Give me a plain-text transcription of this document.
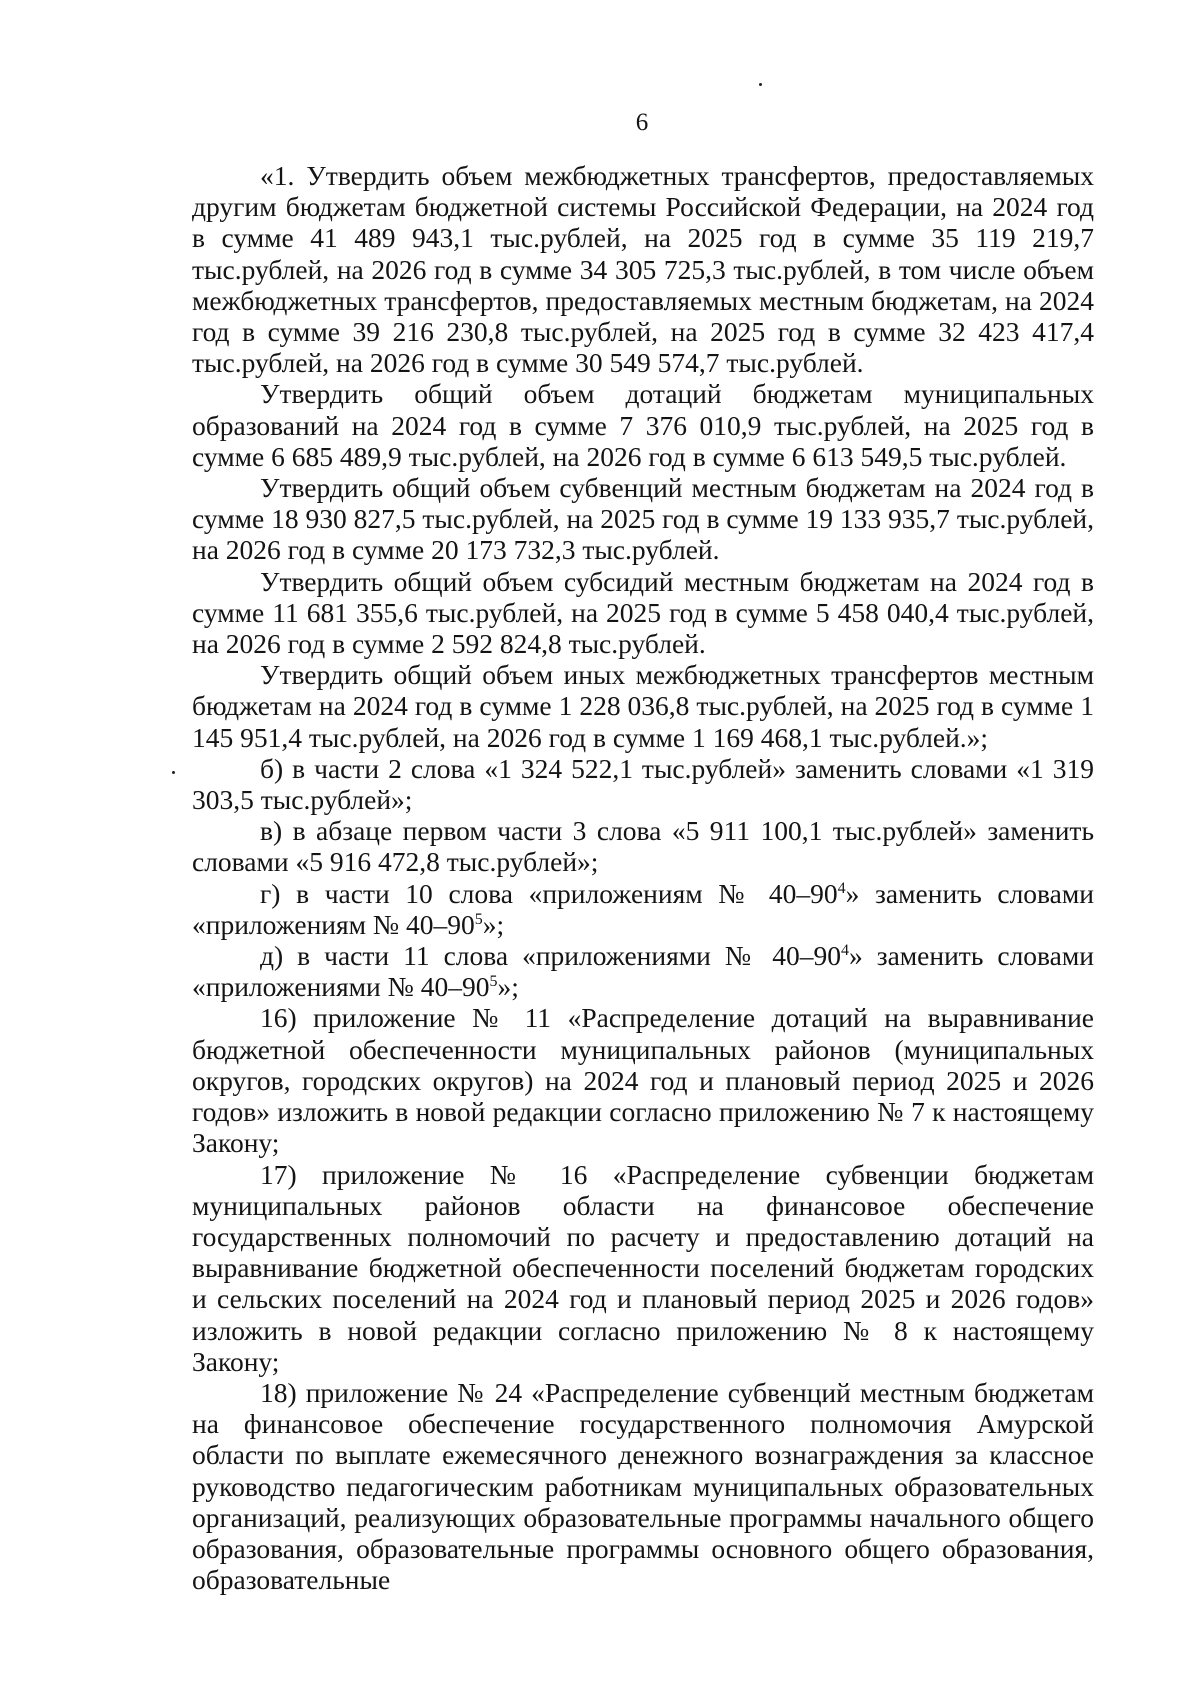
6

«1. Утвердить объем межбюджетных трансфертов, предоставляемых другим бюджетам бюджетной системы Российской Федерации, на 2024 год в сумме 41 489 943,1 тыс.рублей, на 2025 год в сумме 35 119 219,7 тыс.рублей, на 2026 год в сумме 34 305 725,3 тыс.рублей, в том числе объем межбюджетных трансфертов, предоставляемых местным бюджетам, на 2024 год в сумме 39 216 230,8 тыс.рублей, на 2025 год в сумме 32 423 417,4 тыс.рублей, на 2026 год в сумме 30 549 574,7 тыс.рублей.

Утвердить общий объем дотаций бюджетам муниципальных образований на 2024 год в сумме 7 376 010,9 тыс.рублей, на 2025 год в сумме 6 685 489,9 тыс.рублей, на 2026 год в сумме 6 613 549,5 тыс.рублей.

Утвердить общий объем субвенций местным бюджетам на 2024 год в сумме 18 930 827,5 тыс.рублей, на 2025 год в сумме 19 133 935,7 тыс.рублей, на 2026 год в сумме 20 173 732,3 тыс.рублей.

Утвердить общий объем субсидий местным бюджетам на 2024 год в сумме 11 681 355,6 тыс.рублей, на 2025 год в сумме 5 458 040,4 тыс.рублей, на 2026 год в сумме 2 592 824,8 тыс.рублей.

Утвердить общий объем иных межбюджетных трансфертов местным бюджетам на 2024 год в сумме 1 228 036,8 тыс.рублей, на 2025 год в сумме 1 145 951,4 тыс.рублей, на 2026 год в сумме 1 169 468,1 тыс.рублей.»;

б) в части 2 слова «1 324 522,1 тыс.рублей» заменить словами «1 319 303,5 тыс.рублей»;

в) в абзаце первом части 3 слова «5 911 100,1 тыс.рублей» заменить словами «5 916 472,8 тыс.рублей»;

г) в части 10 слова «приложениям № $40-90^4$» заменить словами «приложениям № $40-90^5$»;

д) в части 11 слова «приложениями № $40-90^4$» заменить словами «приложениями № $40-90^5$»;

16) приложение № 11 «Распределение дотаций на выравнивание бюджетной обеспеченности муниципальных районов (муниципальных округов, городских округов) на 2024 год и плановый период 2025 и 2026 годов» изложить в новой редакции согласно приложению № 7 к настоящему Закону;

17) приложение № 16 «Распределение субвенции бюджетам муниципальных районов области на финансовое обеспечение государственных полномочий по расчету и предоставлению дотаций на выравнивание бюджетной обеспеченности поселений бюджетам городских и сельских поселений на 2024 год и плановый период 2025 и 2026 годов» изложить в новой редакции согласно приложению № 8 к настоящему Закону;

18) приложение № 24 «Распределение субвенций местным бюджетам на финансовое обеспечение государственного полномочия Амурской области по выплате ежемесячного денежного вознаграждения за классное руководство педагогическим работникам муниципальных образовательных организаций, реализующих образовательные программы начального общего образования, образовательные программы основного общего образования, образовательные
